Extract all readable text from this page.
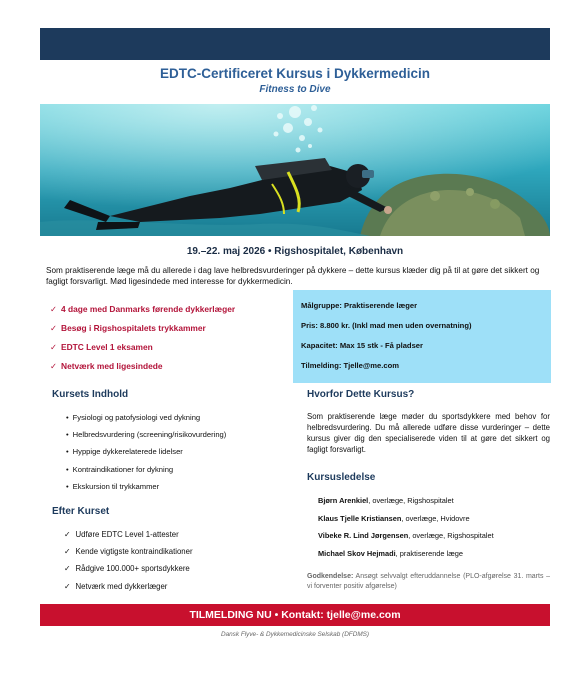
EDTC-Certificeret Kursus i Dykkermedicin
Fitness to Dive
19.–22. maj 2026 • Rigshospitalet, København

Som praktiserende læge må du allerede i dag lave helbredsvurderinger på dykkere – dette kursus klæder dig på til at gøre det sikkert og fagligt forsvarligt. Mød ligesindede med interesse for dykkermedicin.

✓ 4 dage med Danmarks førende dykkerlæger
✓ Besøg i Rigshospitalets trykkammer
✓ EDTC Level 1 eksamen
✓ Netværk med ligesindede
Målgruppe: Praktiserende læger
Pris: 8.800 kr. (Inkl mad men uden overnatning)
Kapacitet: Max 15 stk - Få pladser
Tilmelding: Tjelle@me.com
Kursets Indhold
• Fysiologi og patofysiologi ved dykning
• Helbredsvurdering (screening/risikovurdering)
• Hyppige dykkerelaterede lidelser
• Kontraindikationer for dykning
• Ekskursion til trykkammer
Efter Kurset
✓ Udføre EDTC Level 1-attester
✓ Kende vigtigste kontraindikationer
✓ Rådgive 100.000+ sportsdykkere
✓ Netværk med dykkerlæger
Hvorfor Dette Kursus?

Som praktiserende læge møder du sportsdykkere med behov for helbredsvurdering. Du må allerede udføre disse vurderinger – dette kursus giver dig den specialiserede viden til at gøre det sikkert og fagligt forsvarligt.

Kursusledelse
Bjørn Arenkiel, overlæge, Rigshospitalet
Klaus Tjelle Kristiansen, overlæge, Hvidovre
Vibeke R. Lind Jørgensen, overlæge, Rigshospitalet
Michael Skov Hejmadi, praktiserende læge

Godkendelse: Ansøgt selvvalgt efteruddannelse (PLO-afgørelse 31. marts – vi forventer positiv afgørelse)

TILMELDING NU • Kontakt: tjelle@me.com
Dansk Flyve- & Dykkemedicinske Selskab (DFDMS)
